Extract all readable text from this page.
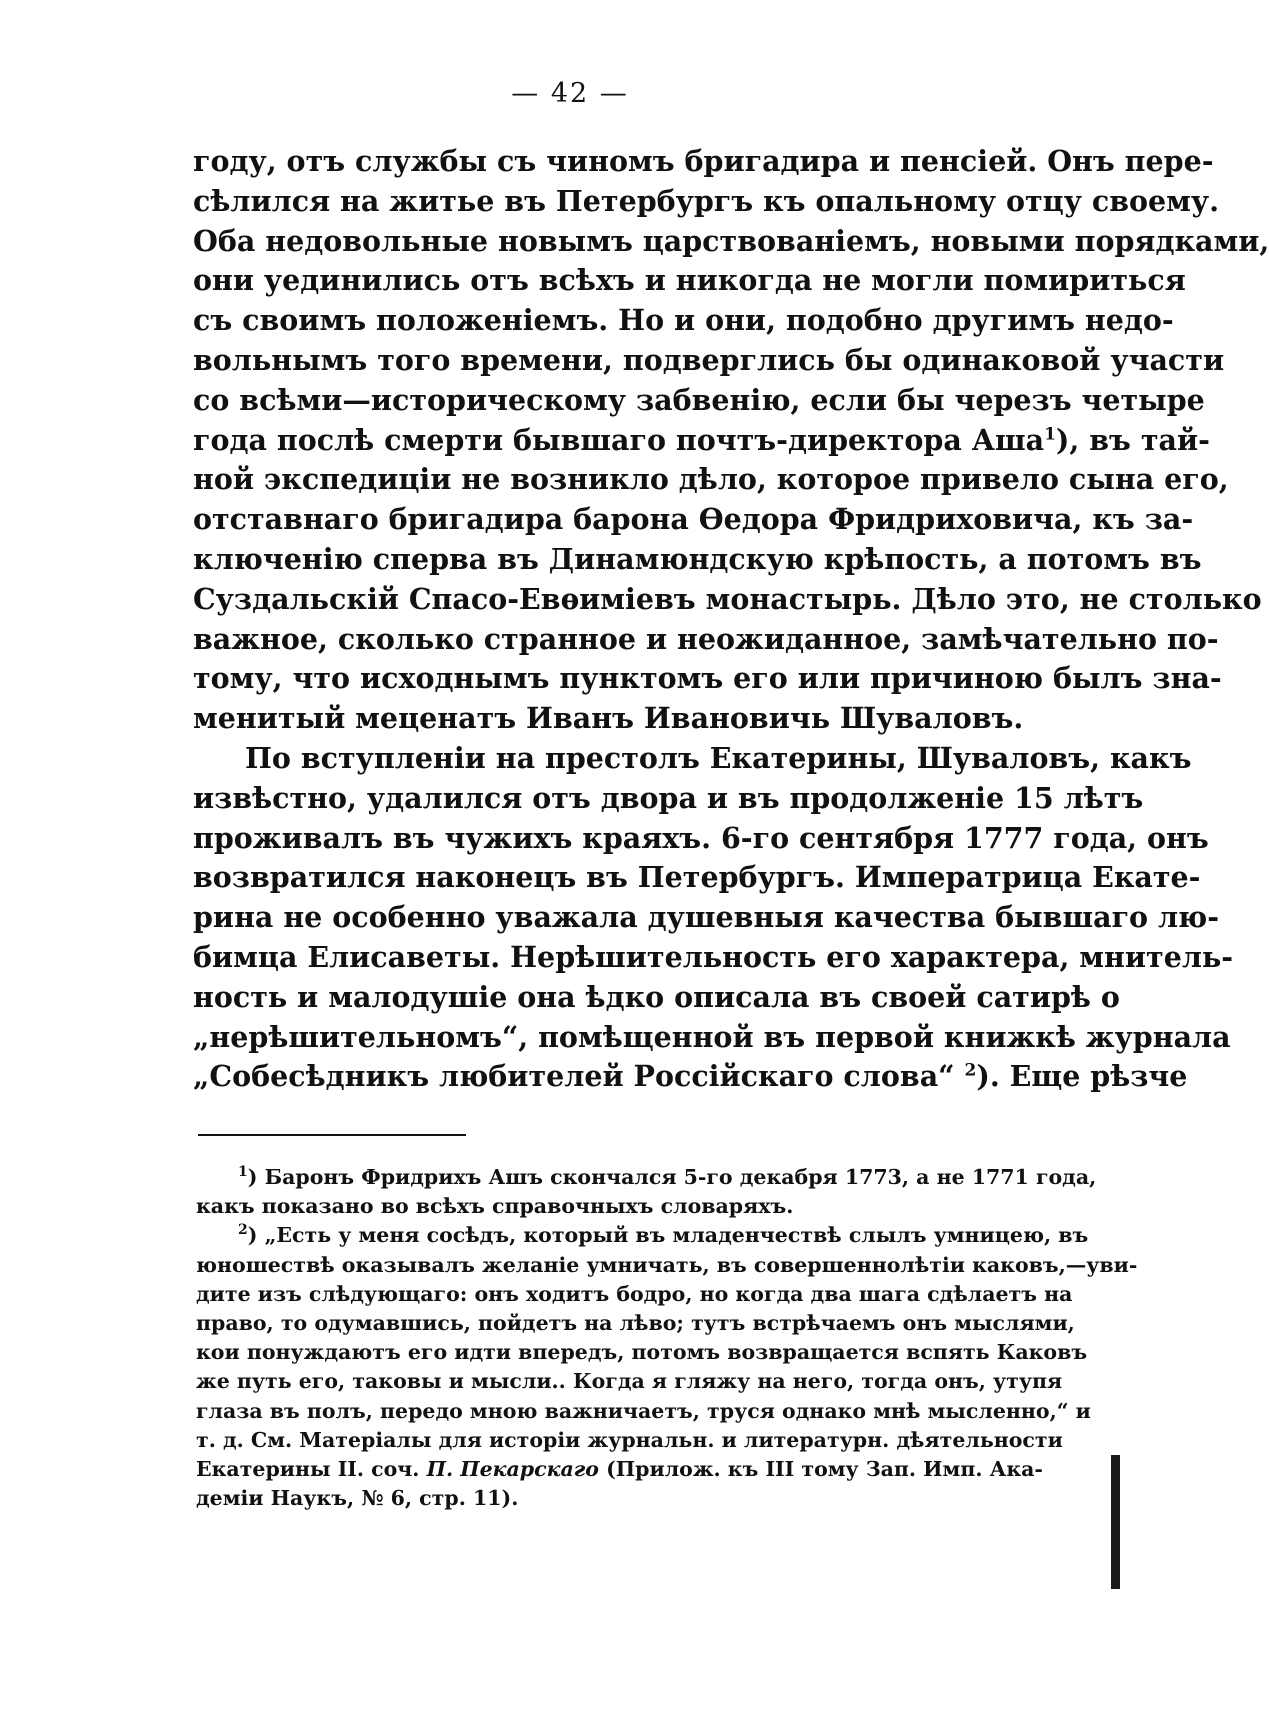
— 42 —
году, отъ службы съ чиномъ бригадира и пенсіей. Онъ пере-
сѣлился на житье въ Петербургъ къ опальному отцу своему.
Оба недовольные новымъ царствованіемъ, новыми порядками,
они уединились отъ всѣхъ и никогда не могли помириться
съ своимъ положеніемъ. Но и они, подобно другимъ недо-
вольнымъ того времени, подверглись бы одинаковой участи
со всѣми—историческому забвенію, если бы черезъ четыре
года послѣ смерти бывшаго почтъ-директора Аша$^1$), въ тай-
ной экспедиціи не возникло дѣло, которое привело сына его,
отставнаго бригадира барона Ѳедора Фридриховича, къ за-
ключенію сперва въ Динамюндскую крѣпость, а потомъ въ
Суздальскій Спасо-Евѳиміевъ монастырь. Дѣло это, не столько
важное, сколько странное и неожиданное, замѣчательно по-
тому, что исходнымъ пунктомъ его или причиною былъ зна-
менитый меценатъ Иванъ Ивановичь Шуваловъ.
По вступленіи на престолъ Екатерины, Шуваловъ, какъ
извѣстно, удалился отъ двора и въ продолженіе 15 лѣтъ
проживалъ въ чужихъ краяхъ. 6-го сентября 1777 года, онъ
возвратился наконецъ въ Петербургъ. Императрица Екате-
рина не особенно уважала душевныя качества бывшаго лю-
бимца Елисаветы. Нерѣшительность его характера, мнитель-
ность и малодушіе она ѣдко описала въ своей сатирѣ о
„нерѣшительномъ“, помѣщенной въ первой книжкѣ журнала
„Собесѣдникъ любителей Россійскаго слова“ $^2$). Еще рѣзче
$^1$) Баронъ Фридрихъ Ашъ скончался 5-го декабря 1773, а не 1771 года,
какъ показано во всѣхъ справочныхъ словаряхъ.
$^2$) „Есть у меня сосѣдъ, который въ младенчествѣ слылъ умницею, въ
юношествѣ оказывалъ желаніе умничать, въ совершеннолѣтіи каковъ,—уви-
дите изъ слѣдующаго: онъ ходитъ бодро, но когда два шага сдѣлаетъ на
право, то одумавшись, пойдетъ на лѣво; тутъ встрѣчаемъ онъ мыслями,
кои понуждаютъ его идти впередъ, потомъ возвращается вспять Каковъ
же путь его, таковы и мысли.. Когда я гляжу на него, тогда онъ, утупя
глаза въ полъ, передо мною важничаетъ, труся однако мнѣ мысленно,“ и
т. д. См. Матеріалы для исторіи журнальн. и литературн. дѣятельности
Екатерины II. соч. П. Пекарскаго (Прилож. къ III тому Зап. Имп. Ака-
деміи Наукъ, № 6, стр. 11).
